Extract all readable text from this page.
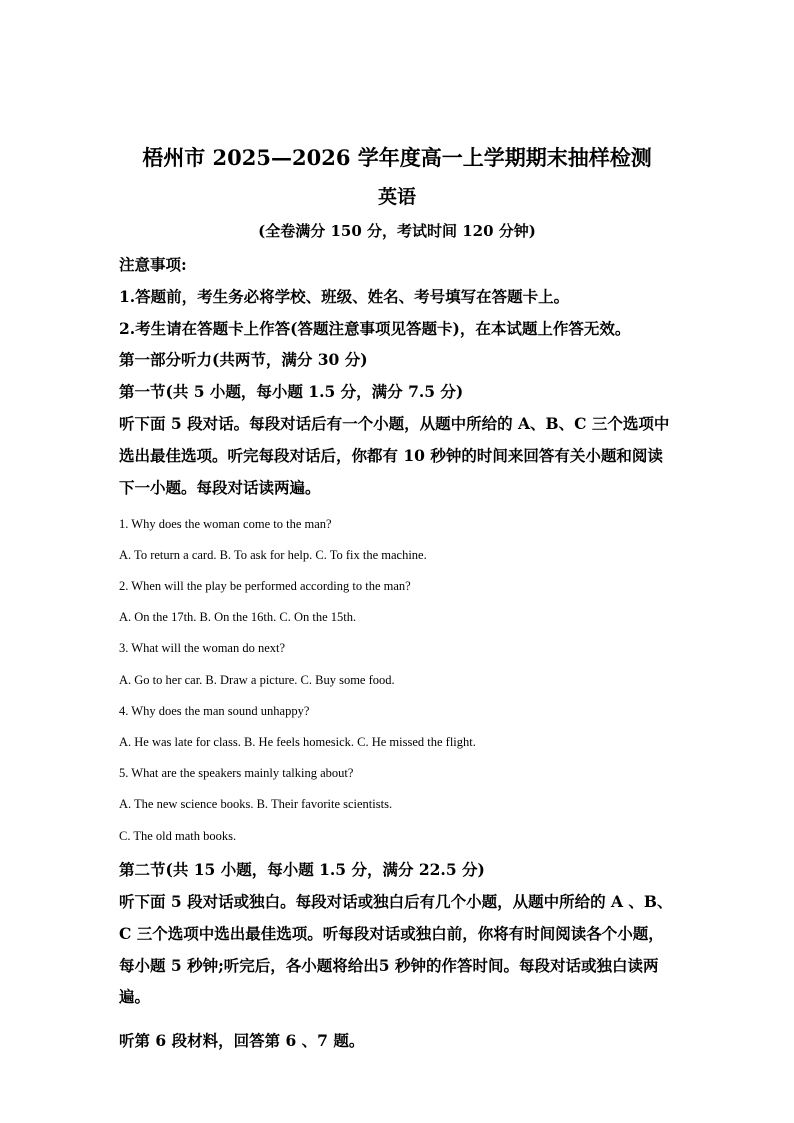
梧州市 2025—2026 学年度高一上学期期末抽样检测
英语
(全卷满分 150 分，考试时间 120 分钟)
注意事项:
1.答题前，考生务必将学校、班级、姓名、考号填写在答题卡上。
2.考生请在答题卡上作答(答题注意事项见答题卡)，在本试题上作答无效。
第一部分听力(共两节，满分 30 分)
第一节(共 5 小题，每小题 1.5 分，满分 7.5 分)
听下面 5 段对话。每段对话后有一个小题，从题中所给的 A、B、C 三个选项中
选出最佳选项。听完每段对话后，你都有 10 秒钟的时间来回答有关小题和阅读
下一小题。每段对话读两遍。
1. Why does the woman come to the man?
A. To return a card. B. To ask for help. C. To fix the machine.
2. When will the play be performed according to the man?
A. On the 17th. B. On the 16th. C. On the 15th.
3. What will the woman do next?
A. Go to her car. B. Draw a picture. C. Buy some food.
4. Why does the man sound unhappy?
A. He was late for class. B. He feels homesick. C. He missed the flight.
5. What are the speakers mainly talking about?
A. The new science books. B. Their favorite scientists.
C. The old math books.
第二节(共 15 小题，每小题 1.5 分，满分 22.5 分)
听下面 5 段对话或独白。每段对话或独白后有几个小题，从题中所给的 A 、B、
C 三个选项中选出最佳选项。听每段对话或独白前，你将有时间阅读各个小题，
每小题 5 秒钟;听完后，各小题将给出5 秒钟的作答时间。每段对话或独白读两
遍。
听第 6 段材料，回答第 6 、7 题。
